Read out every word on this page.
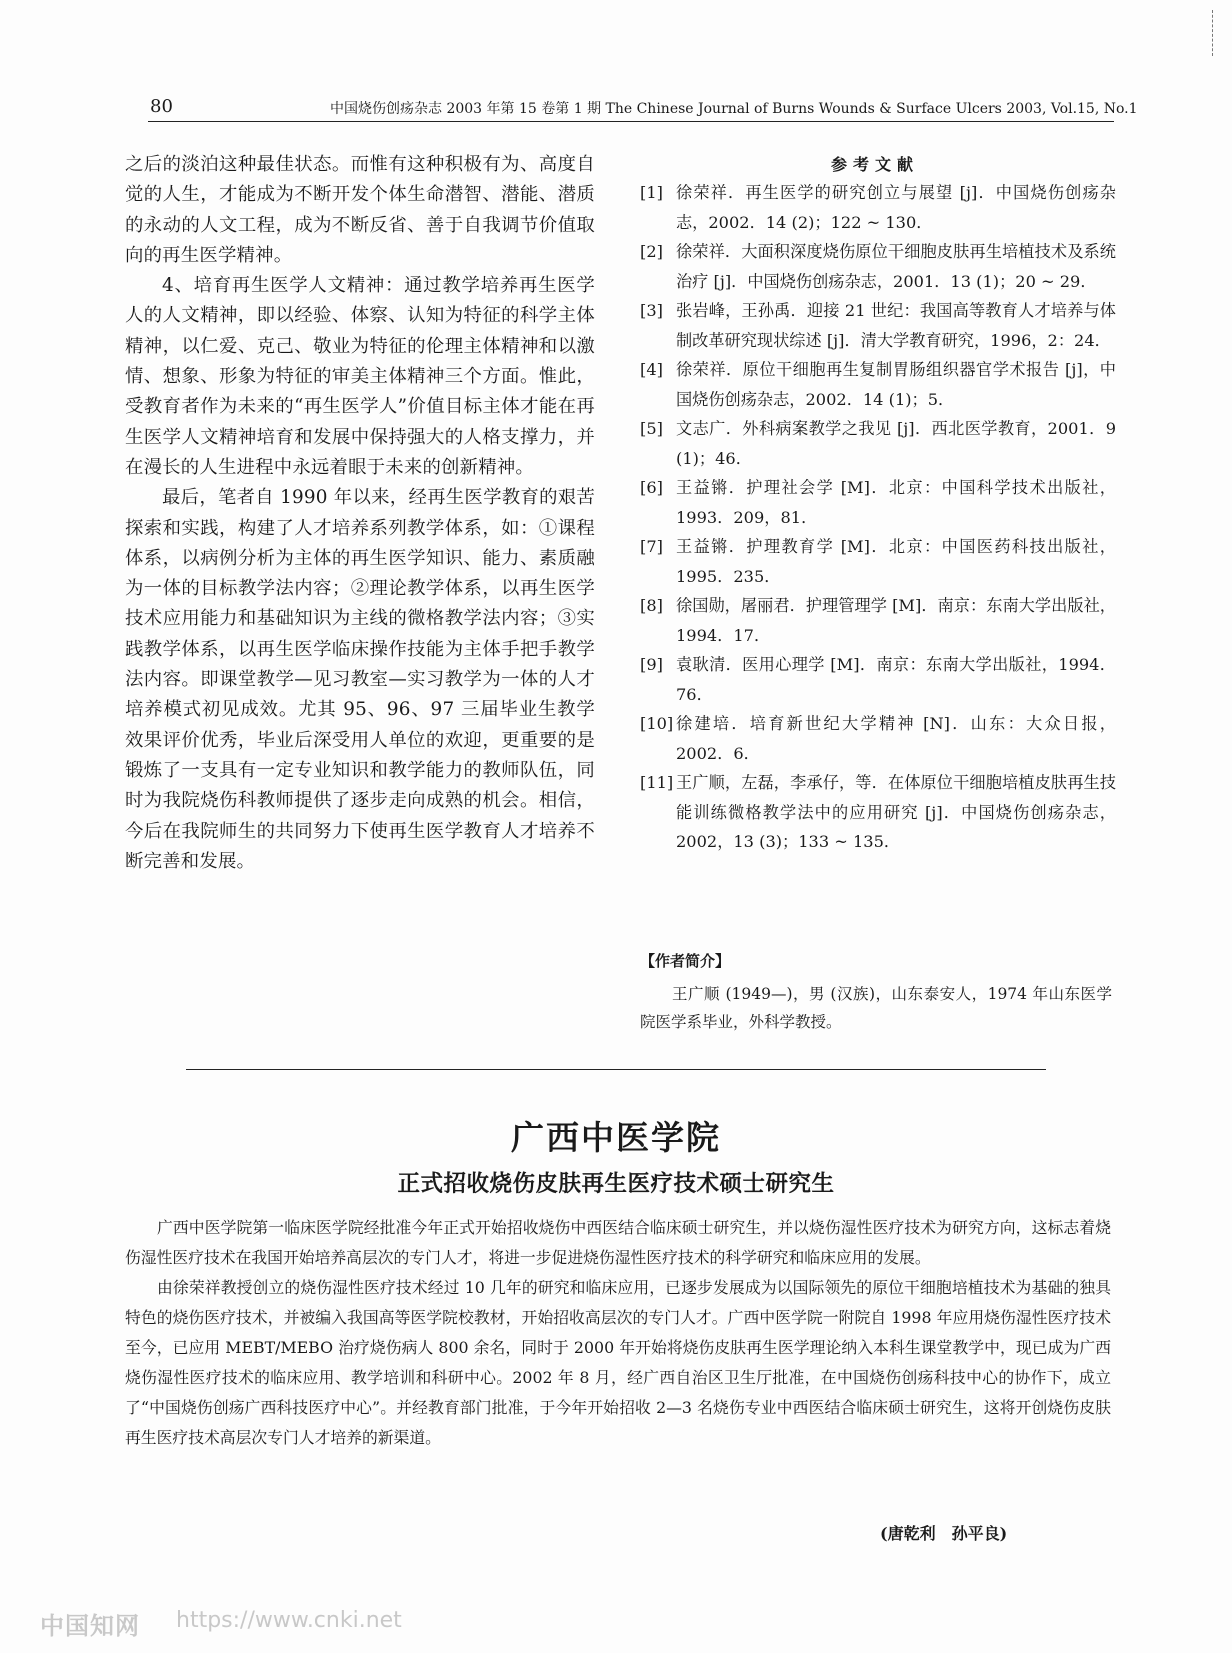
80	中国烧伤创疡杂志 2003 年第 15 卷第 1 期 The Chinese Journal of Burns Wounds & Surface Ulcers 2003, Vol.15, No.1

之后的淡泊这种最佳状态。而惟有这种积极有为、高度自觉的人生，才能成为不断开发个体生命潜智、潜能、潜质的永动的人文工程，成为不断反省、善于自我调节价值取向的再生医学精神。

4、培育再生医学人文精神：通过教学培养再生医学人的人文精神，即以经验、体察、认知为特征的科学主体精神，以仁爱、克己、敬业为特征的伦理主体精神和以激情、想象、形象为特征的审美主体精神三个方面。惟此，受教育者作为未来的“再生医学人”价值目标主体才能在再生医学人文精神培育和发展中保持强大的人格支撑力，并在漫长的人生进程中永远着眼于未来的创新精神。

最后，笔者自 1990 年以来，经再生医学教育的艰苦探索和实践，构建了人才培养系列教学体系，如：①课程体系，以病例分析为主体的再生医学知识、能力、素质融为一体的目标教学法内容；②理论教学体系，以再生医学技术应用能力和基础知识为主线的微格教学法内容；③实践教学体系，以再生医学临床操作技能为主体手把手教学法内容。即课堂教学—见习教室—实习教学为一体的人才培养模式初见成效。尤其 95、96、97 三届毕业生教学效果评价优秀，毕业后深受用人单位的欢迎，更重要的是锻炼了一支具有一定专业知识和教学能力的教师队伍，同时为我院烧伤科教师提供了逐步走向成熟的机会。相信，今后在我院师生的共同努力下使再生医学教育人才培养不断完善和发展。

参考文献
[1] 徐荣祥．再生医学的研究创立与展望 [j]．中国烧伤创疡杂志，2002．14 (2)；122 ~ 130．
[2] 徐荣祥．大面积深度烧伤原位干细胞皮肤再生培植技术及系统治疗 [j]．中国烧伤创疡杂志，2001．13 (1)；20 ~ 29．
[3] 张岩峰，王孙禹．迎接 21 世纪：我国高等教育人才培养与体制改革研究现状综述 [j]．清大学教育研究，1996，2：24．
[4] 徐荣祥．原位干细胞再生复制胃肠组织器官学术报告 [j]，中国烧伤创疡杂志，2002．14 (1)；5．
[5] 文志广．外科病案教学之我见 [j]．西北医学教育，2001．9 (1)；46．
[6] 王益锵．护理社会学 [M]．北京：中国科学技术出版社，1993．209，81．
[7] 王益锵．护理教育学 [M]．北京：中国医药科技出版社，1995．235．
[8] 徐国勋，屠丽君．护理管理学 [M]．南京：东南大学出版社，1994．17．
[9] 袁耿清．医用心理学 [M]．南京：东南大学出版社，1994．76．
[10] 徐建培．培育新世纪大学精神 [N]．山东：大众日报，2002．6．
[11] 王广顺，左磊，李承仔，等．在体原位干细胞培植皮肤再生技能训练微格教学法中的应用研究 [j]．中国烧伤创疡杂志，2002，13 (3)；133 ~ 135．
【作者简介】
王广顺 (1949—)，男 (汉族)，山东泰安人，1974 年山东医学院医学系毕业，外科学教授。
广西中医学院
正式招收烧伤皮肤再生医疗技术硕士研究生

广西中医学院第一临床医学院经批准今年正式开始招收烧伤中西医结合临床硕士研究生，并以烧伤湿性医疗技术为研究方向，这标志着烧伤湿性医疗技术在我国开始培养高层次的专门人才，将进一步促进烧伤湿性医疗技术的科学研究和临床应用的发展。

由徐荣祥教授创立的烧伤湿性医疗技术经过 10 几年的研究和临床应用，已逐步发展成为以国际领先的原位干细胞培植技术为基础的独具特色的烧伤医疗技术，并被编入我国高等医学院校教材，开始招收高层次的专门人才。广西中医学院一附院自 1998 年应用烧伤湿性医疗技术至今，已应用 MEBT/MEBO 治疗烧伤病人 800 余名，同时于 2000 年开始将烧伤皮肤再生医学理论纳入本科生课堂教学中，现已成为广西烧伤湿性医疗技术的临床应用、教学培训和科研中心。2002 年 8 月，经广西自治区卫生厅批准，在中国烧伤创疡科技中心的协作下，成立了“中国烧伤创疡广西科技医疗中心”。并经教育部门批准，于今年开始招收 2—3 名烧伤专业中西医结合临床硕士研究生，这将开创烧伤皮肤再生医疗技术高层次专门人才培养的新渠道。

(唐乾利　孙平良)
中国知网 https://www.cnki.net
